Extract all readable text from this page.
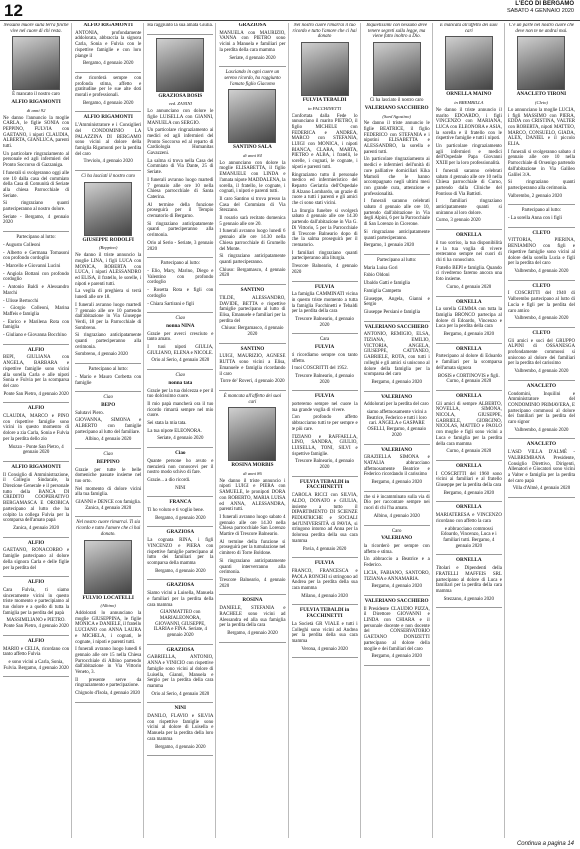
12	L'ECO DI BERGAMO
SABATO 4 GENNAIO 2020

Nessuno muore sulla terra finché vive nel cuore di chi resta.

È mancato il nostro caro

ALFIO RIGAMONTI

di anni 92

Ne danno l'annuncio la moglie CARLA, le figlie SONIA con PEPPINO, FULVIA con GAETANO, i nipoti CLAUDIA, ALBERTA, GIANLUCA, parenti tutti.

Un particolare ringraziamento al personale ed agli infermieri del Pronto Soccorso di Gazzaniga.

I funerali si svolgeranno oggi alle ore 10 dalla casa del commiato della Casa di Comunità di Seriate alla chiesa Parrocchiale di Seriate.

Si ringraziano quanti parteciperanno al nostro dolore.

Seriate - Bergamo, 4 gennaio 2020

Partecipano al lutto:

- Augusto Colleoni

- Alberto e Germana Tomasoni con profondo cordoglio

- Marcello e Giovanni Lucini

- Angiola Bottani con profondo cordoglio

- Antonio Baldi e Alessandro Marchi

- Ulisse Bertocchi

- Giorgio Colleoni, Marina Maffeis e famiglia

- Enrico e Marilena Rota con famiglia

- Giuliano e Giovanna Bocchino

ALFIO

BEPI, GIULIANA con ANGELA, BARBARA e rispettive famiglie sono vicini alla sorella Carla e alle nipoti Sonia e Fulvia per la scomparsa del caro

Ponte San Pietro, 4 gennaio 2020

ALFIO

CLAUDIA, MARCO e PINO con rispettive famiglie sono vicini in questo momento di dolore a zia Carla, Sonia e Fulvia per la perdita dello zio

Mozzo - Ponte San Pietro, 4 gennaio 2020

ALFIO RIGAMONTI

Il Consiglio di Amministrazione, il Collegio Sindacale, la Direzione Generale e il personale tutto della BANCA DI CREDITO COOPERATIVO BERGAMASCA E OROBICA partecipano al lutto che ha colpito la collega Fulvia per la scomparsa dell'amato papà

Zanica, 4 gennaio 2020

ALFIO

GAETANO, RONACORBO e famiglie partecipano al dolore della signora Carla e delle figlie per la perdita del

ALFIO

Cara Fulvia, ti siamo sinceramente vicini in questo triste momento e partecipiamo al tuo dolore e a quello di tutta la famiglia per la perdita del papà

MASSIMILIANO e PIETRO. Ponte San Pietro, 4 gennaio 2020

ALFIO

MARIO e CELIA, ricordano con tanto affetto Fulvia

e sono vicini a Carla, Sonia, Fulvia. Bergamo, 4 gennaio 2020

ALFIO RIGAMONTI

ANTONIA, profondamente addolorata, abbraccia la signora Carla, Sonia e Fulvia con le rispettive famiglie e con loro piange il

Bergamo, 4 gennaio 2020

che ricorderà sempre con profonda stima, affetto e gratitudine per le sue alte doti morali e professionali.

Bergamo, 4 gennaio 2020

ALFIO RIGAMONTI

L'Amministratore e i Consiglieri del CONDOMINIO LA PALAZZINA DI BERGAMO sono vicini al dolore della famiglia Rigamonti per la perdita del caro

Treviolo, 4 gennaio 2020

Ci ha lasciati il nostro caro

GIUSEPPE RODOLFI

(Beppino)

Ne danno il triste annuncio la moglie LINA, i figli LUCA con MONICA, ROBERTA con LUCA, i nipoti ALESSANDRO ed ELISA, il fratello, le sorelle, i nipoti e parenti tutti.

La veglia di preghiera si terrà lunedì alle ore 18.

I funerali avranno luogo martedì 7 gennaio alle ore 10 partendo dall'abitazione in Via Giuseppe Verdi, 18 per la Parrocchiale di Sombreno.

Si ringraziano anticipatamente quanti parteciperanno alla cerimonia.

Sombreno, 4 gennaio 2020

Partecipano al lutto:

- Mario e Mauro Corbetta con famiglie

Ciao

BEPO

Salutavi Piero.

GIOVANNA, SIMONA e ALBERTO con famiglie partecipano al lutto del familiare.

Albino, 4 gennaio 2020

Ciao

BEPPINO

Grazie per tutte le belle domeniche passate insieme nel tuo orto.

Nel momento di dolore vicini alla tua famiglia.

GIANNI e DENCE con famiglia. Zanica, 4 gennaio 2020

Nel nostro cuore rimarrai. Ti sia ricordo e tutto l'amore che ci hai donato.

FULVIO LOCATELLI

(Albino)

Addolorati lo annunciano la moglie GIUSEPPINA, le figlie MONICA e DANIELE, il fratello LUCIANO con ANNA LAURA e MICHELA, i cognati, le cognate, i nipoti e parenti tutti.

I funerali avranno luogo lunedì 6 gennaio alle ore 15 nella Chiesa Parrocchiale di Albino partendo dall'abitazione in Via Vittorio Veneto, 3.

Il presente serve da ringraziamento e partecipazione.

Chignolo d'Isola, 4 gennaio 2020

Ha raggiunto la sua amata Giulia.

GRAZIOSA BOSIS

ved. ZANINI

Lo annunciano con dolore le figlie LUISELLA con GIANNI, MANUELA con SERGIO.

Un particolare ringraziamento ai medici ed agli infermieri del Pronto Soccorso ed al reparto di Cardiologia Humanitas Gavazzeni.

La salma si trova nella Casa del Commiato di Via Dante, 25 di Seriate.

I funerali avranno luogo martedì 7 gennaio alle ore 10 nella Chiesa parrocchiale di Santa Caterina.

Al termine della funzione proseguirà per il Tempio crematorio di Bergamo.

Si ringraziano anticipatamente quanti parteciperanno alla cerimonia.

Orio al Serio - Seriate, 3 gennaio 2020

Partecipano al lutto:

- Elio, Mary, Marino, Diego e Valentino con profondo cordoglio

- Rosetta Rota e figli con cordoglio

- Chiara Sartirani e figli

Ciao

nonna NINA

Grazie per averci cresciuto e tanto amato.

I tuoi nipoti GIULIA, GIULIANO, ELENA e NICOLE.

Orio al Serio, 4 gennaio 2020

Ciao

nonna tata

Grazie per la tua dolcezza e per il tuo dolcissimo cuore.

Il mio papà mancherà ora il tuo ricordo rimarrà sempre nel mio cuore.

Sei stata la mia tata.

La tua nipote ELEONORA.

Seriate, 4 gennaio 2020

Ciao

Quante persone ho avuto e menzierà non conoscevi per il nostro modo schivo di fare.

Grazie... a dio ricordi.

NINI

FRANCA

Ti ho voluto e ti voglio bene.

Bergamo, 4 gennaio 2020

GRAZIOSA

La cognata RINA, i figli VINCENZO e PIERA con rispettive famiglie partecipano al lutto dei familiari per la scomparsa della mamma

Bergamo, 4 gennaio 2020

GRAZIOSA

Siamo vicini a Luisella, Manuela e familiari per la perdita della cara mamma

GIANMATTEO con MARIALEONORA, GIOVANNI, GIUSEPPE, ILARIA e FINA. Seriate, 4 gennaio 2020

GRAZIOSA

GABRIELLA, ANTONIO, ANNA e VINICIO con rispettive famiglie sono vicini al dolore di Luisella, Gianni, Manuela e Sergio per la perdita della cara mamma

Orio al Serio, 4 gennaio 2020

NINI

DANILO, FLAVIO e SILVIA con rispettive famiglie sono vicini al dolore di Luisella e Manuela per la perdita della loro cara mamma

Bergamo, 4 gennaio 2020

GRAZIOSA

MANUELA con MAURIZIO, VANNA con PIETRO sono vicini a Manuela e familiari per la perdita della cara mamma

Seriate, 4 gennaio 2020

Lasciando in ogni cuore un sereno ricordo, ha raggiunto l'amato figlio Giacomo

SANTINO SALA

di anni 84

Lo annunciano con dolore la moglie ELISABETTA, il figlio EMANUELE con LINDA e l'amata nipote MADDALENA, la sorella, il fratello, le cognate, i cognati, i nipoti e parenti tutti.

Il caro Santino si trova presso la Casa del Commiato di Via Stezzano.

Il rosario sarà recitato domenica 5 gennaio alle ore 20.

I funerali avranno luogo lunedì 6 gennaio alle ore 14.30 nella Chiesa parrocchiale di Grumello del Monte.

Si ringraziano anticipatamente quanti parteciperanno.

Chiuso: Bergamasco, 4 gennaio 2020

SANTINO

TILDE, ALESSANDRO, DAVIDE, BETTA e rispettive famiglie partecipano al lutto di Elisa, Emanuele e familiari per la perdita del

Chiuso: Bergamasco, 4 gennaio 2020

SANTINO

LUIGI, MAURIZIO, AGNESE RUTTA sono vicini a Elisa, Emanuele e famiglia ricordando il caro

Torre de' Roveri, 4 gennaio 2020

È mancata all'affetto dei suoi cari

ROSINA MORBIS

di anni 86

Ne danno il triste annuncio i nipoti LUIGI e PIERA con SAMUELE, le pronipoti DORA con ROBERTO, MARIA LUISA ed ANNA, ALESSANDRA, parenti tutti.

I funerali avranno luogo sabato 4 gennaio alle ore 14.30 nella Chiesa parrocchiale San Lorenzo Martire di Trescore Balneario.

Al termine della funzione si proseguirà per la tumulazione nel cimitero di Torre Boldone.

Si ringraziano anticipatamente quanti interverranno alla cerimonia.

Trescore Balneario, 4 gennaio 2020

ROSINA

DANIELE, STEFANIA e RACHELE sono vicini ad Alessandra ed alla sua famiglia per la perdita della cara

Bergamo, 4 gennaio 2020

Nel nostro cuore rimarrai il tuo ricordo e tutto l'amore che ci hai donato

FULVIA TEBALDI

in FACCHINETTI

Confortata dalla Fede lo annunciano il marito PIETRO, il figlio MICHELE con FEDERICA e ANDREA, MARCO con STEFANIA, LUIGI con MONICA, i nipoti BIANCA, CLARA, MARTA, PIETRO e ALBA, i fratelli, le sorelle, i cognati, le cognate, i nipoti e parenti tutti.

Ringraziamo tutto il personale medico ed infermieristico del Reparto Geriatria dell'Ospedale di Alzano Lombardo, un grazie di cuore a tutti i parenti e gli amici che ci sono stati vicini.

La liturgia funebre si svolgerà sabato 4 gennaio alle ore 14.30 partendo dall'abitazione in Via G. Di Vittorio, 5 per la Parrocchiale di Trescore Balneario dopo di che la salma proseguirà per il crematorio.

I familiari ringraziano quanti parteciperanno alla liturgia.

Trescore Balneario, 4 gennaio 2020

FULVIA

La famiglia CAMMINATI vicina in questo triste momento a tutta la famiglia Facchinetti e Tebaldi per la perdita della cara

Trescore Balneario, 4 gennaio 2020

Cara

FULVIA

ti ricordiamo sempre con tanto affetto.

I tuoi COSCRITTI del 1952.

Trescore Balneario, 4 gennaio 2020

FULVIA

porteremo sempre nel cuore la tua grande voglia di vivere.

Con profondo affetto abbracciamo tutti te per sempre e te più care.

TIZIANO e RAFFAELLA, LINO, SANDRA, GIULIO, LUISELLA, TONI, SILVI e rispettive famiglie.

Trescore Balneario, 4 gennaio 2020

FULVIA TEBALDI in FACCHINETTI

CAROLA RICCI con SILVIA, ALDO, DONATO e GIULIA, insieme a tutto il DIPARTIMENTO DI SCIENZE PEDIATRICHE e SOCIALI dell'UNIVERSITÀ di PAVIA, si stringono intorno ad Anna per la dolorosa perdita della sua cara mamma

Pavia, 4 gennaio 2020

FULVIA

FRANCO, FRANCESCA e PAOLA RONCHI si stringono ad Andrea per la perdita della sua cara mamma

Milano, 4 gennaio 2020

FULVIA TEBALDI in FACCHINETTI

La Società GR VIALE e tutti i Colleghi sono vicini ad Andrea per la perdita della sua cara mamma

Verona, 4 gennaio 2020

Inquietissimi con nessuno deve tenere segreti sulla legge, ma viene fatto inoltro a Dio.

Ci ha lasciato il nostro caro

VALERIANO SACCHIERO

(Sant'Agostino)

Ne danno il triste annuncio le figlie BEATRICE, il figlio FEDERICO con STEFANIA e i nipotini ELISABETTA e ALESSANDRO, la sorella e parenti tutti.

Un particolare ringraziamento ai medici e infermieri dell'unità di cure palliative domiciliari Kika Mamoli che le hanno accompagnato negli ultimi mesi con grande cura, attenzione e professionalità.

I funerali saranno celebrati sabato 4 gennaio alle ore 10, partendo dall'abitazione in Via degli Alpini, 6 per la Parrocchiale di San Lorenzo in Cicerone.

Si ringraziano anticipatamente quanti parteciperanno.

Bergamo, 1 gennaio 2020

Partecipano al lutto:

Maria Luisa Gori

Fabio Oldoni

Ubaldo Gatti e famiglia

Famiglia Campetto

Giuseppe, Angela, Gianni e Sergio

Giuseppe Persiani e famiglia

VALERIANO SACCHIERO

ANTONIO, REMIGIO, ELSA, TIZIANA, EMILIO, VICTORIA, ANGELA, GIUSEPPE, CATTANEO, GABRIELE, ROTA, con tutti i colleghi e gli amici si uniscono al dolore della famiglia per la scomparsa del caro

Bergamo, 4 gennaio 2020

VALERIANO

Addolorati per la perdita del caro

siamo affettuosamente vicini a Beatrice, Federico e tutti i loro cari. ANGELA e GASPARE OSELLI, Bergamo, 4 gennaio 2020

VALERIANO

GRAZIELLA SIMONA e NATALIA abbracciano affettuosamente Beatrice e Federico ricordando il carissimo

Bergamo, 4 gennaio 2020

che si è incamminato sulla via di Dio per raccontare sempre nei cuori di chi l'ha amato.

Albino, 4 gennaio 2020

Caro

VALERIANO

la ricorderò per sempre con affetto e stima.

Un abbraccio a Beatrice e a Federico.

LICIA, FABIANO, SANTORO, TIZIANA e ANNAMARIA.

Bergamo, 4 gennaio 2020

VALERIANO SACCHIERO

Il Presidente CLAUDIO PIZZA, il Direttore GIOVANNI e LINDA con CHIARA e il personale docente e non docente del CONSERVATORIO GAETANO DONIZETTI partecipano al dolore della moglie e dei familiari del caro

Bergamo, 4 gennaio 2020

È mancata all'affetto dei suoi cari

ORNELLA MAINO

in BREMBILLA

Ne danno il triste annuncio il marito EDOARDO, i figli VINCENZO con MARIANA, LUCA con ELEONORA e ASIA, la sorella e il fratello con le rispettive famiglie e tutti i nipoti.

Un particolare ringraziamento agli infermieri e medici dell'Ospedale Papa Giovanni XXIII per la loro professionalità.

I funerali saranno celebrati sabato 4 gennaio alle ore 10 nella Chiesa parrocchiale di Curno, partendo dalla Cliniche del Pontisso di Via Battisti.

I familiari ringraziano anticipatamente quanti si uniranno al loro dolore.

Curno, 3 gennaio 2020

ORNELLA

il tuo sorriso, la tua disponibilità e la tua voglia di vivere resteranno sempre nei cuori di chi ti ha conosciuto.

Fratello BEPI e famiglia. Quando ci rivedremo faremo ancora una foto insieme.

Curno, 4 gennaio 2020

ORNELLA

La sorella GEMMA con tutta la famiglia BRONCO partecipa al dolore di Edoardo, Vincenzo e Luca per la perdita della cara

Bergamo, 4 gennaio 2020

ORNELLA

Partecipano al dolore di Edoardo e familiari per la scomparsa dell'amata signora

BOSIS e CORTINOVIS e figli. Curno, 4 gennaio 2020

ORNELLA

Gli amici di sempre ALBERTO, NOVELLA, SIMONA, NICOLA, GIUSEPPE, GABRIELE, GIORGINO, NICOLAS, MATTEO e PAOLO con moglie e figli sono vicini a Luca e famiglia per la perdita della cara mamma

Curno, 4 gennaio 2020

ORNELLA

I COSCRITTI del 1960 sono vicini ai familiari e al fratello Giuseppe per la perdita della cara

Bergamo, 4 gennaio 2020

ORNELLA

MARIATERESA e VINCENZO ricordano con affetto la cara

e abbracciano commossi Edoardo, Vincenzo, Luca e i familiari tutti. Bergamo, 4 gennaio 2020

ORNELLA

Titolari e Dipendenti della FRATELLI MAFFEIS SRL partecipano al dolore di Luca e familiari per la perdita della cara mamma

Stezzano, 4 gennaio 2020

C'è un parte nel nostro cuore che deve non te ne andrai mai.

ANACLETO TIRONI

(Cleto)

Lo annunciano la moglie LUCIA, i figli MASSIMO con PIERA, EDDA con CRISTINA, VALTER con ROBERTA, nipoti MATTEO, MARCO, CONSUELO, GIADA, ALEX, DANIEL e il piccolo ELIA.

I funerali si svolgeranno sabato 4 gennaio alle ore 10 nella Parrocchiale di Orsenigo partendo dall'abitazione in Via Galileo Galilei 3/A.

Si ringraziano quanti parteciperanno alla cerimonia.

Valbrembo, 2 gennaio 2020

Partecipano al lutto:

- La sorella Anna con i figli

CLETO

VITTORIA, PIERINA, BENIAMINO con figli e rispettive famiglie sono vicini al dolore della sorella Lucia e figli per la perdita del caro

Valbrembo, 4 gennaio 2020

CLETO

I COSCRITTI del 1940 di Valbrembo partecipano al lutto di Lucia e figli per la perdita del caro amico

Valbrembo, 4 gennaio 2020

CLETO

Gli amici e soci del GRUPPO ALPINI di OSSANESGA profondamente commossi si uniscono al dolore dei familiari per la perdita del carissimo

Valbrembo, 4 gennaio 2020

ANACLETO

Condomini, Inquilini e Amministratore del CONDOMINIO PRIMAVERA, E partecipano commossi al dolore dei familiari per la perdita del caro signor

Valbrembo, 4 gennaio 2020

ANACLETO

L'ASD VILLA D'ALMÈ - VALBREMBANA Presidente, Consiglio Direttivo, Dirigenti, Allenatori e Giocatori sono vicini a Valter e famiglia per la perdita del caro papà

Villa d'Almè, 4 gennaio 2020

Continua a pagina 14
